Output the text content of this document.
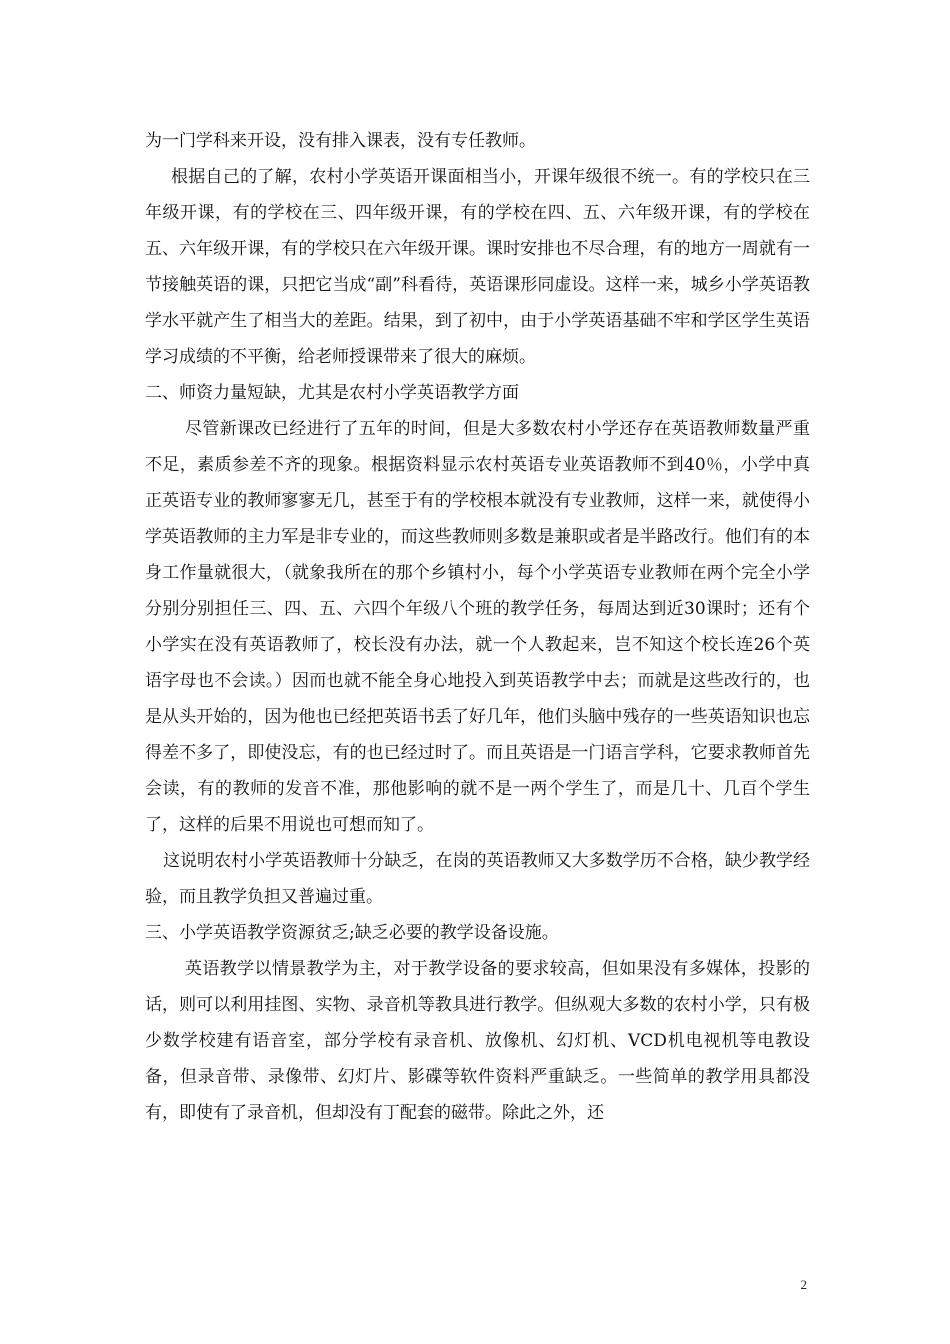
为一门学科来开设，没有排入课表，没有专任教师。

根据自己的了解，农村小学英语开课面相当小，开课年级很不统一。有的学校只在三年级开课，有的学校在三、四年级开课，有的学校在四、五、六年级开课，有的学校在五、六年级开课，有的学校只在六年级开课。课时安排也不尽合理，有的地方一周就有一节接触英语的课，只把它当成“副”科看待，英语课形同虚设。这样一来，城乡小学英语教学水平就产生了相当大的差距。结果，到了初中，由于小学英语基础不牢和学区学生英语学习成绩的不平衡，给老师授课带来了很大的麻烦。

二、师资力量短缺，尤其是农村小学英语教学方面

尽管新课改已经进行了五年的时间，但是大多数农村小学还存在英语教师数量严重不足，素质参差不齐的现象。根据资料显示农村英语专业英语教师不到40％，小学中真正英语专业的教师寥寥无几，甚至于有的学校根本就没有专业教师，这样一来，就使得小学英语教师的主力军是非专业的，而这些教师则多数是兼职或者是半路改行。他们有的本身工作量就很大，（就象我所在的那个乡镇村小，每个小学英语专业教师在两个完全小学分别分别担任三、四、五、六四个年级八个班的教学任务，每周达到近30课时；还有个小学实在没有英语教师了，校长没有办法，就一个人教起来，岂不知这个校长连26个英语字母也不会读。）因而也就不能全身心地投入到英语教学中去；而就是这些改行的，也是从头开始的，因为他也已经把英语书丢了好几年，他们头脑中残存的一些英语知识也忘得差不多了，即使没忘，有的也已经过时了。而且英语是一门语言学科，它要求教师首先会读，有的教师的发音不准，那他影响的就不是一两个学生了，而是几十、几百个学生了，这样的后果不用说也可想而知了。

这说明农村小学英语教师十分缺乏，在岗的英语教师又大多数学历不合格，缺少教学经验，而且教学负担又普遍过重。

三、小学英语教学资源贫乏;缺乏必要的教学设备设施。

英语教学以情景教学为主，对于教学设备的要求较高，但如果没有多媒体，投影的话，则可以利用挂图、实物、录音机等教具进行教学。但纵观大多数的农村小学，只有极少数学校建有语音室，部分学校有录音机、放像机、幻灯机、VCD机电视机等电教设备，但录音带、录像带、幻灯片、影碟等软件资料严重缺乏。一些简单的教学用具都没有，即使有了录音机，但却没有丁配套的磁带。除此之外，还

2
